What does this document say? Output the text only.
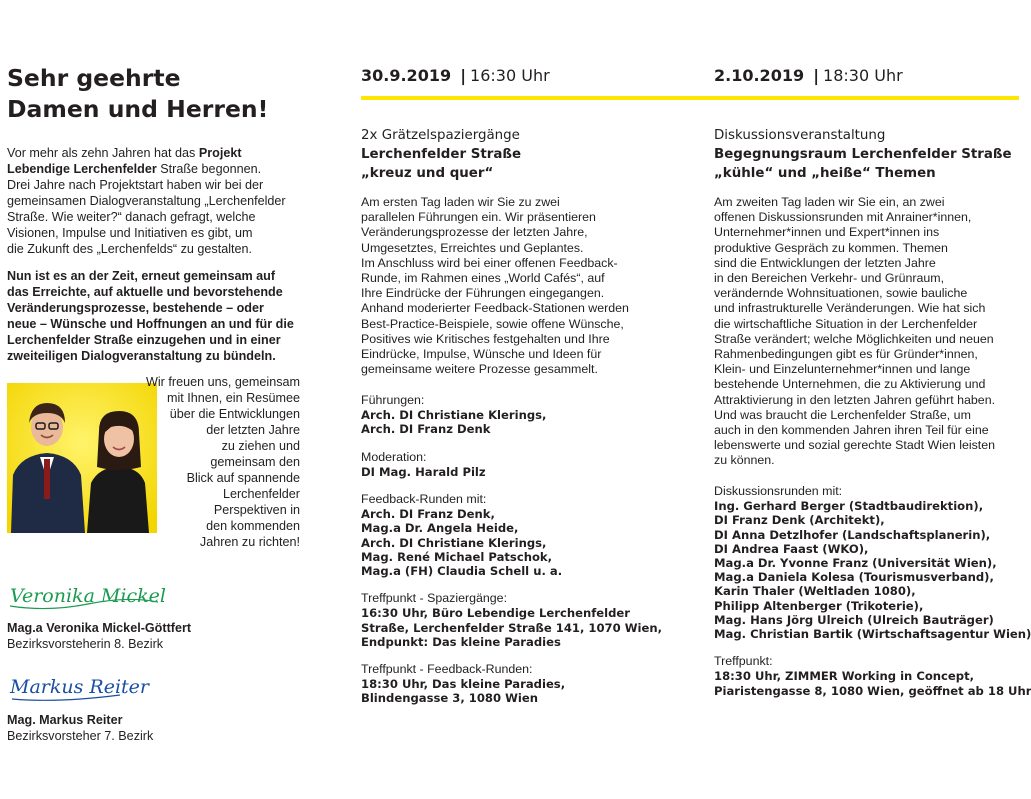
Sehr geehrte
Damen und Herren!
Vor mehr als zehn Jahren hat das Projekt
Lebendige Lerchenfelder Straße begonnen.
Drei Jahre nach Projektstart haben wir bei der
gemeinsamen Dialogveranstaltung „Lerchenfelder
Straße. Wie weiter?“ danach gefragt, welche
Visionen, Impulse und Initiativen es gibt, um
die Zukunft des „Lerchenfelds“ zu gestalten.
Nun ist es an der Zeit, erneut gemeinsam auf
das Erreichte, auf aktuelle und bevorstehende
Veränderungsprozesse, bestehende – oder
neue – Wünsche und Hoffnungen an und für die
Lerchenfelder Straße einzugehen und in einer
zweiteiligen Dialogveranstaltung zu bündeln.
Wir freuen uns, gemeinsam
mit Ihnen, ein Resümee
über die Entwicklungen
der letzten Jahre
zu ziehen und
gemeinsam den
Blick auf spannende
Lerchenfelder
Perspektiven in
den kommenden
Jahren zu richten!
Veronika Mickel
Mag.a Veronika Mickel-Göttfert
Bezirksvorsteherin 8. Bezirk
Markus Reiter
Mag. Markus Reiter
Bezirksvorsteher 7. Bezirk
30.9.2019 | 16:30 Uhr	2.10.2019 | 18:30 Uhr
2x Grätzelspaziergänge
Lerchenfelder Straße
„kreuz und quer“
Am ersten Tag laden wir Sie zu zwei
parallelen Führungen ein. Wir präsentieren
Veränderungsprozesse der letzten Jahre,
Umgesetztes, Erreichtes und Geplantes.
Im Anschluss wird bei einer offenen Feedback-
Runde, im Rahmen eines „World Cafés“, auf
Ihre Eindrücke der Führungen eingegangen.
Anhand moderierter Feedback-Stationen werden
Best-Practice-Beispiele, sowie offene Wünsche,
Positives wie Kritisches festgehalten und Ihre
Eindrücke, Impulse, Wünsche und Ideen für
gemeinsame weitere Prozesse gesammelt.
Führungen:
Arch. DI Christiane Klerings,
Arch. DI Franz Denk
Moderation:
DI Mag. Harald Pilz
Feedback-Runden mit:
Arch. DI Franz Denk,
Mag.a Dr. Angela Heide,
Arch. DI Christiane Klerings,
Mag. René Michael Patschok,
Mag.a (FH) Claudia Schell u. a.
Treffpunkt - Spaziergänge:
16:30 Uhr, Büro Lebendige Lerchenfelder
Straße, Lerchenfelder Straße 141, 1070 Wien,
Endpunkt: Das kleine Paradies
Treffpunkt - Feedback-Runden:
18:30 Uhr, Das kleine Paradies,
Blindengasse 3, 1080 Wien
Diskussionsveranstaltung
Begegnungsraum Lerchenfelder Straße
„kühle“ und „heiße“ Themen
Am zweiten Tag laden wir Sie ein, an zwei
offenen Diskussionsrunden mit Anrainer*innen,
Unternehmer*innen und Expert*innen ins
produktive Gespräch zu kommen. Themen
sind die Entwicklungen der letzten Jahre
in den Bereichen Verkehr- und Grünraum,
verändernde Wohnsituationen, sowie bauliche
und infrastrukturelle Veränderungen. Wie hat sich
die wirtschaftliche Situation in der Lerchenfelder
Straße verändert; welche Möglichkeiten und neuen
Rahmenbedingungen gibt es für Gründer*innen,
Klein- und Einzelunternehmer*innen und lange
bestehende Unternehmen, die zu Aktivierung und
Attraktivierung in den letzten Jahren geführt haben.
Und was braucht die Lerchenfelder Straße, um
auch in den kommenden Jahren ihren Teil für eine
lebenswerte und sozial gerechte Stadt Wien leisten
zu können.
Diskussionsrunden mit:
Ing. Gerhard Berger (Stadtbaudirektion),
DI Franz Denk (Architekt),
DI Anna Detzlhofer (Landschaftsplanerin),
DI Andrea Faast (WKO),
Mag.a Dr. Yvonne Franz (Universität Wien),
Mag.a Daniela Kolesa (Tourismusverband),
Karin Thaler (Weltladen 1080),
Philipp Altenberger (Trikoterie),
Mag. Hans Jörg Ulreich (Ulreich Bauträger)
Mag. Christian Bartik (Wirtschaftsagentur Wien)
Treffpunkt:
18:30 Uhr, ZIMMER Working in Concept,
Piaristengasse 8, 1080 Wien, geöffnet ab 18 Uhr
